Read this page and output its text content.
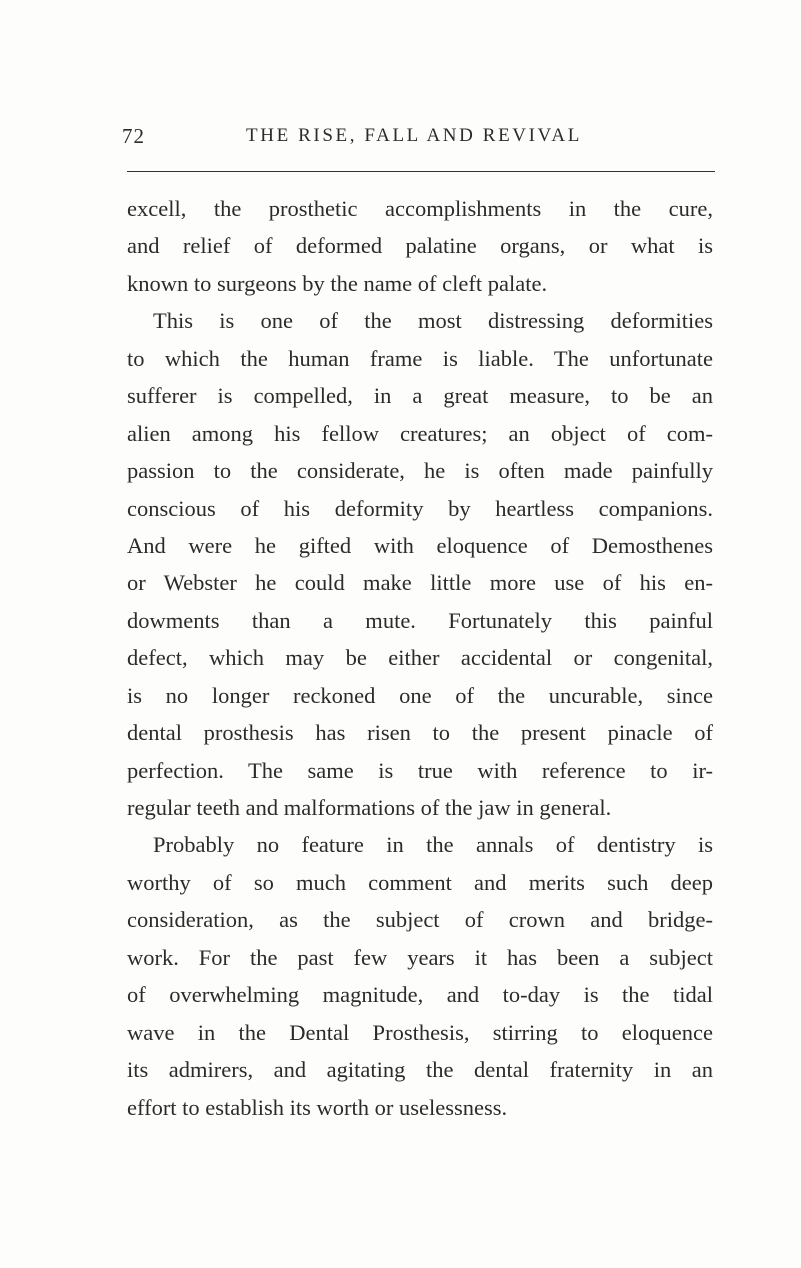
72	THE RISE, FALL AND REVIVAL
excell, the prosthetic accomplishments in the cure,
and relief of deformed palatine organs, or what is
known to surgeons by the name of cleft palate.
This is one of the most distressing deformities
to which the human frame is liable. The unfortunate
sufferer is compelled, in a great measure, to be an
alien among his fellow creatures; an object of com-
passion to the considerate, he is often made painfully
conscious of his deformity by heartless companions.
And were he gifted with eloquence of Demosthenes
or Webster he could make little more use of his en-
dowments than a mute. Fortunately this painful
defect, which may be either accidental or congenital,
is no longer reckoned one of the uncurable, since
dental prosthesis has risen to the present pinacle of
perfection. The same is true with reference to ir-
regular teeth and malformations of the jaw in general.
Probably no feature in the annals of dentistry is
worthy of so much comment and merits such deep
consideration, as the subject of crown and bridge-
work. For the past few years it has been a subject
of overwhelming magnitude, and to-day is the tidal
wave in the Dental Prosthesis, stirring to eloquence
its admirers, and agitating the dental fraternity in an
effort to establish its worth or uselessness.
